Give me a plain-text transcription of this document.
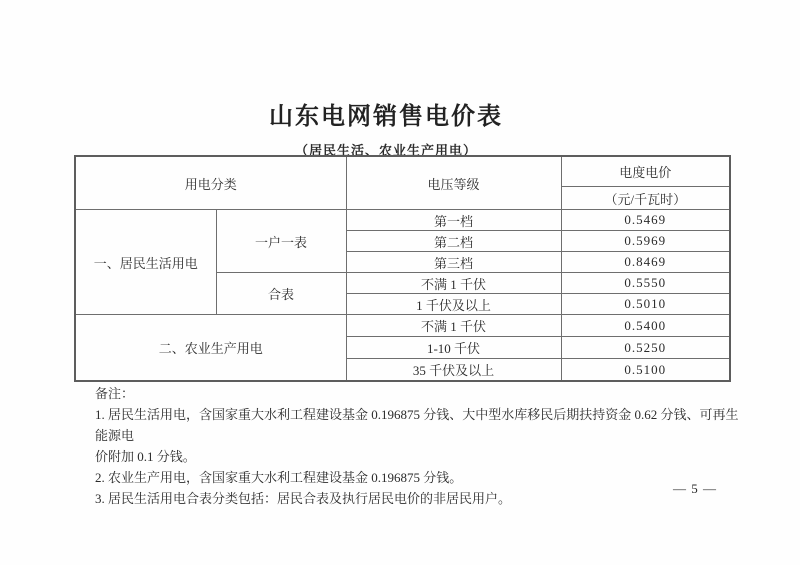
山东电网销售电价表
（居民生活、农业生产用电）
用电分类		电压等级	电度电价
			（元/千瓦时）
一、居民生活用电	一户一表	第一档	0.5469
		第二档	0.5969
		第三档	0.8469
	合表	不满 1 千伏	0.5550
		1 千伏及以上	0.5010
二、农业生产用电		不满 1 千伏	0.5400
		1-10 千伏	0.5250
		35 千伏及以上	0.5100
备注：
1. 居民生活用电，含国家重大水利工程建设基金 0.196875 分钱、大中型水库移民后期扶持资金 0.62 分钱、可再生能源电
价附加 0.1 分钱。
2. 农业生产用电，含国家重大水利工程建设基金 0.196875 分钱。
3. 居民生活用电合表分类包括：居民合表及执行居民电价的非居民用户。
— 5 —
